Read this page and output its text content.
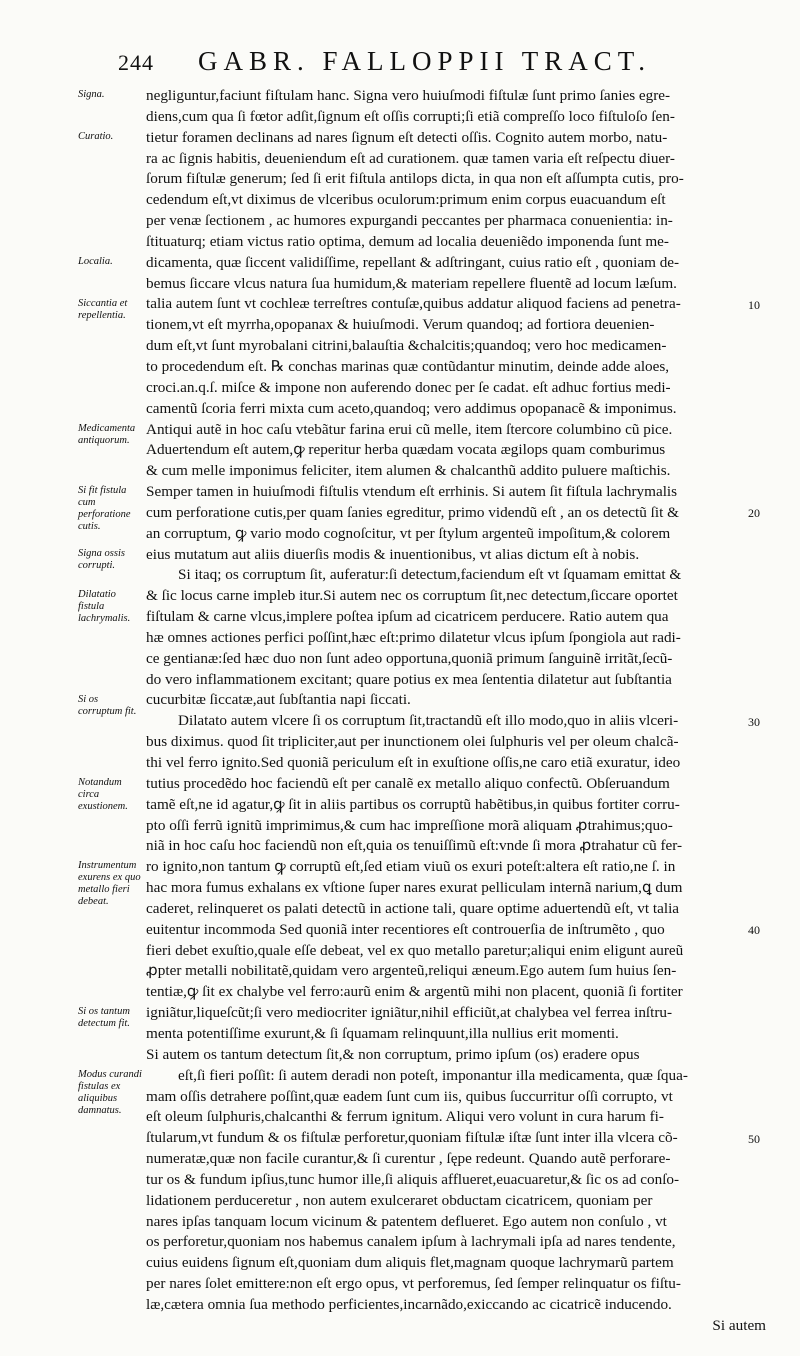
244 GABR. FALLOPPII TRACT.
negliguntur,faciunt fiſtulam hanc. Signa vero huiuſmodi fiſtulæ ſunt primo ſanies egre-
diens,cum qua ſi fœtor adſit,ſignum eſt oſſis corrupti;ſi etiã compreſſo loco fiſtuloſo ſen-
tietur foramen declinans ad nares ſignum eſt detecti oſſis. Cognito autem morbo, natu-
ra ac ſignis habitis, deueniendum eſt ad curationem. quæ tamen varia eſt reſpectu diuer-
ſorum fiſtulæ generum; ſed ſi erit fiſtula antilops dicta, in qua non eſt aſſumpta cutis, pro-
cedendum eſt,vt diximus de vlceribus oculorum:primum enim corpus euacuandum eſt
per venæ ſectionem , ac humores expurgandi peccantes per pharmaca conuenientia: in-
ſtituaturq; etiam victus ratio optima, demum ad localia deueniẽdo imponenda ſunt me-
dicamenta, quæ ſiccent validiſſime, repellant & adſtringant, cuius ratio eſt , quoniam de-
bemus ſiccare vlcus natura ſua humidum,& materiam repellere fluentẽ ad locum læſum.
talia autem ſunt vt cochleæ terreſtres contuſæ,quibus addatur aliquod faciens ad penetra-
tionem,vt eſt myrrha,opopanax & huiuſmodi. Verum quandoq; ad fortiora deuenien-
dum eſt,vt ſunt myrobalani citrini,balauſtia &chalcitis;quandoq; vero hoc medicamen-
to procedendum eſt. ℞ conchas marinas quæ contũdantur minutim, deinde adde aloes,
croci.an.q.ſ. miſce & impone non auferendo donec per ſe cadat. eſt adhuc fortius medi-
camentũ ſcoria ferri mixta cum aceto,quandoq; vero addimus opopanacẽ & imponimus.
Antiqui autẽ in hoc caſu vtebãtur farina erui cũ melle, item ſtercore columbino cũ pice.
Aduertendum eſt autem,ꝙ reperitur herba quædam vocata ægilops quam comburimus
& cum melle imponimus feliciter, item alumen & chalcanthũ addito puluere maſtichis.
Semper tamen in huiuſmodi fiſtulis vtendum eſt errhinis. Si autem ſit fiſtula lachrymalis
cum perforatione cutis,per quam ſanies egreditur, primo videndũ eſt , an os detectũ ſit &
an corruptum, ꝙ vario modo cognoſcitur, vt per ſtylum argenteũ impoſitum,& colorem
eius mutatum aut aliis diuerſis modis & inuentionibus, vt alias dictum eſt à nobis.
Si itaq; os corruptum ſit, auferatur:ſi detectum,faciendum eſt vt ſquamam emittat &
& ſic locus carne impleb itur.Si autem nec os corruptum ſit,nec detectum,ſiccare oportet
fiſtulam & carne vlcus,implere poſtea ipſum ad cicatricem perducere. Ratio autem qua
hæ omnes actiones perfici poſſint,hæc eſt:primo dilatetur vlcus ipſum ſpongiola aut radi-
ce gentianæ:ſed hæc duo non ſunt adeo opportuna,quoniã primum ſanguinẽ irritãt,ſecũ-
do vero inflammationem excitant; quare potius ex mea ſententia dilatetur aut ſubſtantia
cucurbitæ ſiccatæ,aut ſubſtantia napi ſiccati.
Dilatato autem vlcere ſi os corruptum ſit,tractandũ eſt illo modo,quo in aliis vlceri-
bus diximus. quod ſit tripliciter,aut per inunctionem olei ſulphuris vel per oleum chalcã-
thi vel ferro ignito.Sed quoniã periculum eſt in exuſtione oſſis,ne caro etiã exuratur, ideo
tutius procedẽdo hoc faciendũ eſt per canalẽ ex metallo aliquo confectũ. Obſeruandum
tamẽ eſt,ne id agatur,ꝙ ſit in aliis partibus os corruptũ habẽtibus,in quibus fortiter corru-
pto oſſi ferrũ ignitũ imprimimus,& cum hac impreſſione morã aliquam ꝓtrahimus;quo-
niã in hoc caſu hoc faciendũ non eſt,quia os tenuiſſimũ eſt:vnde ſi mora ꝓtrahatur cũ fer-
ro ignito,non tantum ꝙ corruptũ eſt,ſed etiam viuũ os exuri poteſt:altera eſt ratio,ne ſ. in
hac mora fumus exhalans ex vſtione ſuper nares exurat pelliculam internã narium,ꝗ dum
caderet, relinqueret os palati detectũ in actione tali, quare optime aduertendũ eſt, vt talia
euitentur incommoda Sed quoniã inter recentiores eſt controuerſia de inſtrumẽto , quo
fieri debet exuſtio,quale eſſe debeat, vel ex quo metallo paretur;aliqui enim eligunt aureũ
ꝓpter metalli nobilitatẽ,quidam vero argenteũ,reliqui æneum.Ego autem ſum huius ſen-
tentiæ,ꝙ ſit ex chalybe vel ferro:aurũ enim & argentũ mihi non placent, quoniã ſi fortiter
igniãtur,liqueſcũt;ſi vero mediocriter igniãtur,nihil efficiũt,at chalybea vel ferrea inſtru-
menta potentiſſime exurunt,& ſi ſquamam relinquunt,illa nullius erit momenti.
Si autem os tantum detectum ſit,& non corruptum, primo ipſum (os) eradere opus
eſt,ſi fieri poſſit: ſi autem deradi non poteſt, imponantur illa medicamenta, quæ ſqua-
mam oſſis detrahere poſſint,quæ eadem ſunt cum iis, quibus ſuccurritur oſſi corrupto, vt
eſt oleum ſulphuris,chalcanthi & ferrum ignitum. Aliqui vero volunt in cura harum fi-
ſtularum,vt fundum & os fiſtulæ perforetur,quoniam fiſtulæ iſtæ ſunt inter illa vlcera cõ-
numeratæ,quæ non facile curantur,& ſi curentur , ſępe redeunt. Quando autẽ perforare-
tur os & fundum ipſius,tunc humor ille,ſi aliquis afflueret,euacuaretur,& ſic os ad conſo-
lidationem perduceretur , non autem exulceraret obductam cicatricem, quoniam per
nares ipſas tanquam locum vicinum & patentem deflueret. Ego autem non conſulo , vt
os perforetur,quoniam nos habemus canalem ipſum à lachrymali ipſa ad nares tendente,
cuius euidens ſignum eſt,quoniam dum aliquis flet,magnam quoque lachrymarũ partem
per nares ſolet emittere:non eſt ergo opus, vt perforemus, ſed ſemper relinquatur os fiſtu-
læ,cætera omnia ſua methodo perficientes,incarnãdo,exiccando ac cicatricẽ inducendo.
Si autem
Signa.
Curatio.
Localia.
Siccantia et repellentia.
Medicamenta antiquorum.
Si fit fistula cum perforatione cutis.
Signa ossis corrupti.
Dilatatio fistula lachrymalis.
Si os corruptum fit.
Notandum circa exustionem.
Instrumentum exurens ex quo metallo fieri debeat.
Si os tantum detectum fit.
Modus curandi fistulas ex aliquibus damnatus.
10
20
30
40
50
